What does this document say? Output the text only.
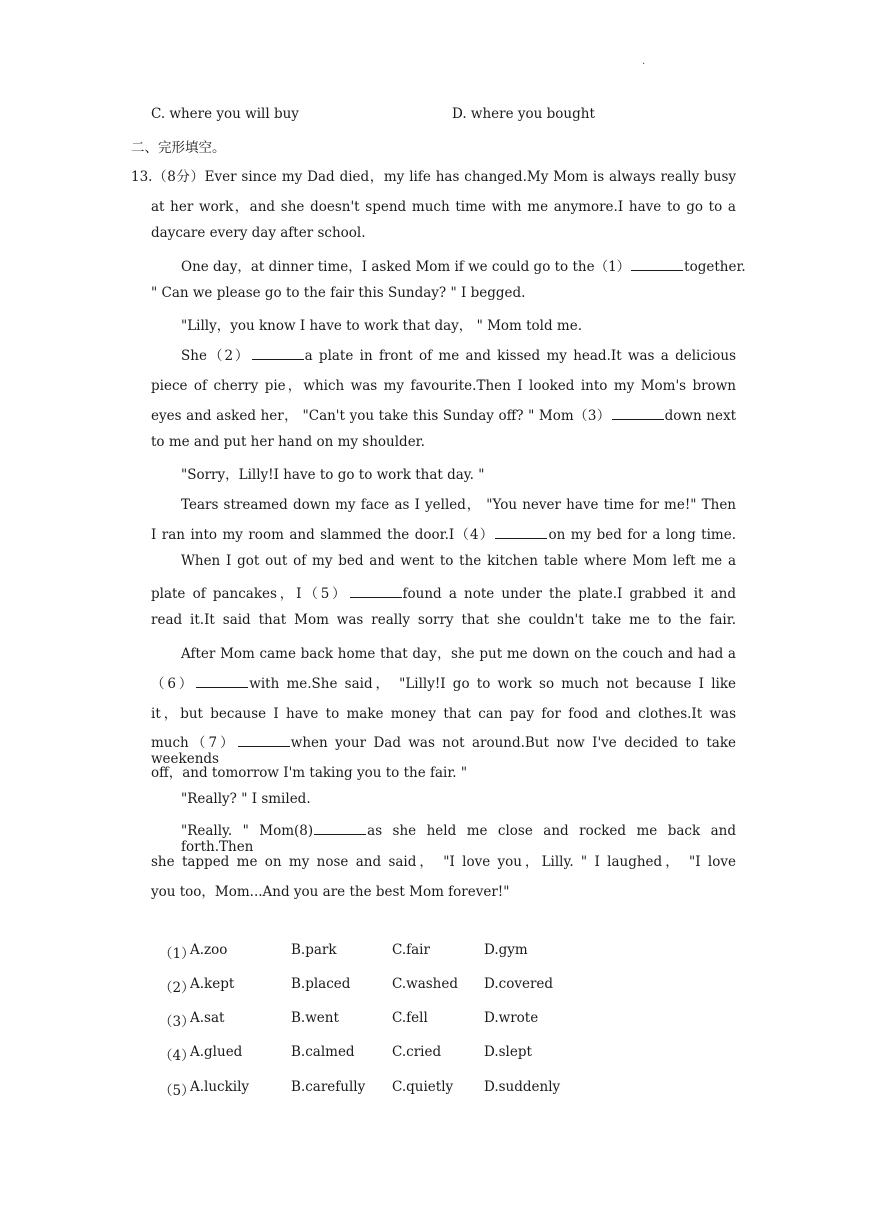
.
C. where you will buy	D. where you bought
二、完形填空。
13.（8分）Ever since my Dad died，my life has changed.My Mom is always really busy
at her work，and she doesn't spend much time with me anymore.I have to go to a
daycare every day after school.
One day，at dinner time，I asked Mom if we could go to the（1）	together.
" Can we please go to the fair this Sunday? " I begged.
"Lilly，you know I have to work that day， " Mom told me.
She（2）	a plate in front of me and kissed my head.It was a delicious
piece of cherry pie，which was my favourite.Then I looked into my Mom's brown
eyes and asked her， "Can't you take this Sunday off? " Mom（3）	down next
to me and put her hand on my shoulder.
"Sorry，Lilly!I have to go to work that day. "
Tears streamed down my face as I yelled， "You never have time for me!" Then
I ran into my room and slammed the door.I（4）	on my bed for a long time.
When I got out of my bed and went to the kitchen table where Mom left me a
plate of pancakes，I（5）	found a note under the plate.I grabbed it and
read it.It said that Mom was really sorry that she couldn't take me to the fair.
After Mom came back home that day，she put me down on the couch and had a
（6）	with me.She said， "Lilly!I go to work so much not because I like
it，but because I have to make money that can pay for food and clothes.It was
much（7）	when your Dad was not around.But now I've decided to take weekends
off，and tomorrow I'm taking you to the fair. "
"Really? " I smiled.
"Really. " Mom(8)	as she held me close and rocked me back and forth.Then
she tapped me on my nose and said， "I love you，Lilly. " I laughed， "I love
you too，Mom...And you are the best Mom forever!"
（1）
A.zoo	B.park	C.fair	D.gym
（2）
A.kept	B.placed	C.washed D.covered
（3）
A.sat	B.went	C.fell	D.wrote
（4）
A.glued	B.calmed	C.cried	D.slept
（5）
A.luckily	B.carefully C.quietly D.suddenly
